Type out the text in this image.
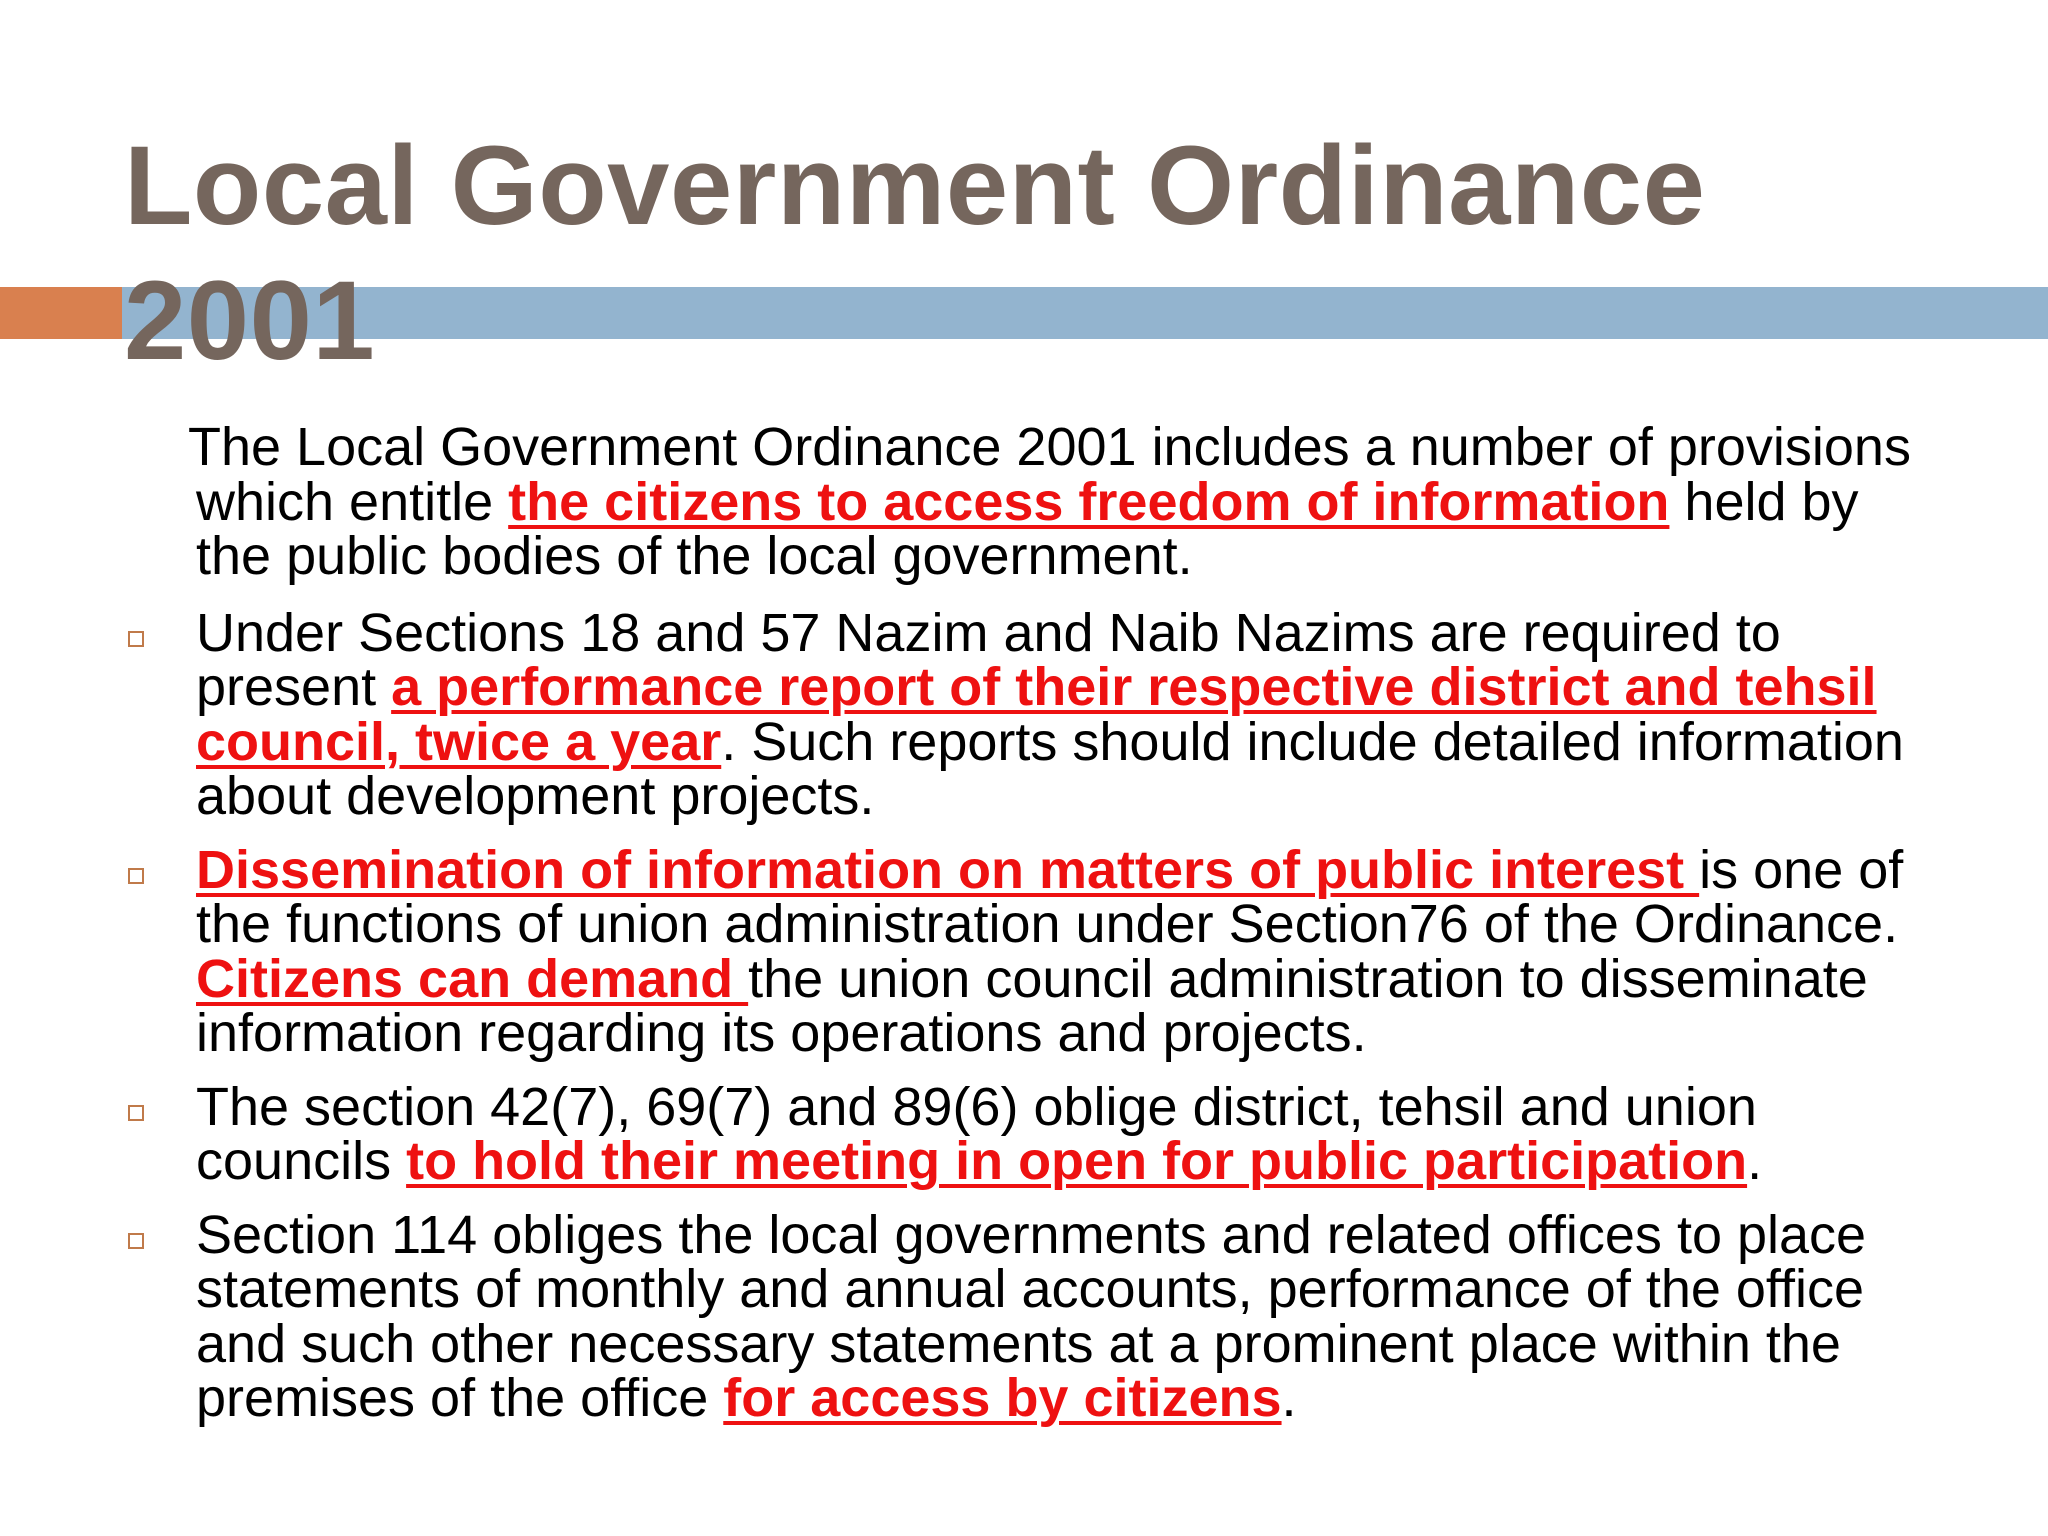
Local Government Ordinance 2001

The Local Government Ordinance 2001 includes a number of provisions which entitle the citizens to access freedom of information held by the public bodies of the local government.

Under Sections 18 and 57 Nazim and Naib Nazims are required to present a performance report of their respective district and tehsil council, twice a year. Such reports should include detailed information about development projects.

Dissemination of information on matters of public interest is one of the functions of union administration under Section76 of the Ordinance. Citizens can demand the union council administration to disseminate information regarding its operations and projects.

The section 42(7), 69(7) and 89(6) oblige district, tehsil and union councils to hold their meeting in open for public participation.

Section 114 obliges the local governments and related offices to place statements of monthly and annual accounts, performance of the office and such other necessary statements at a prominent place within the premises of the office for access by citizens.
